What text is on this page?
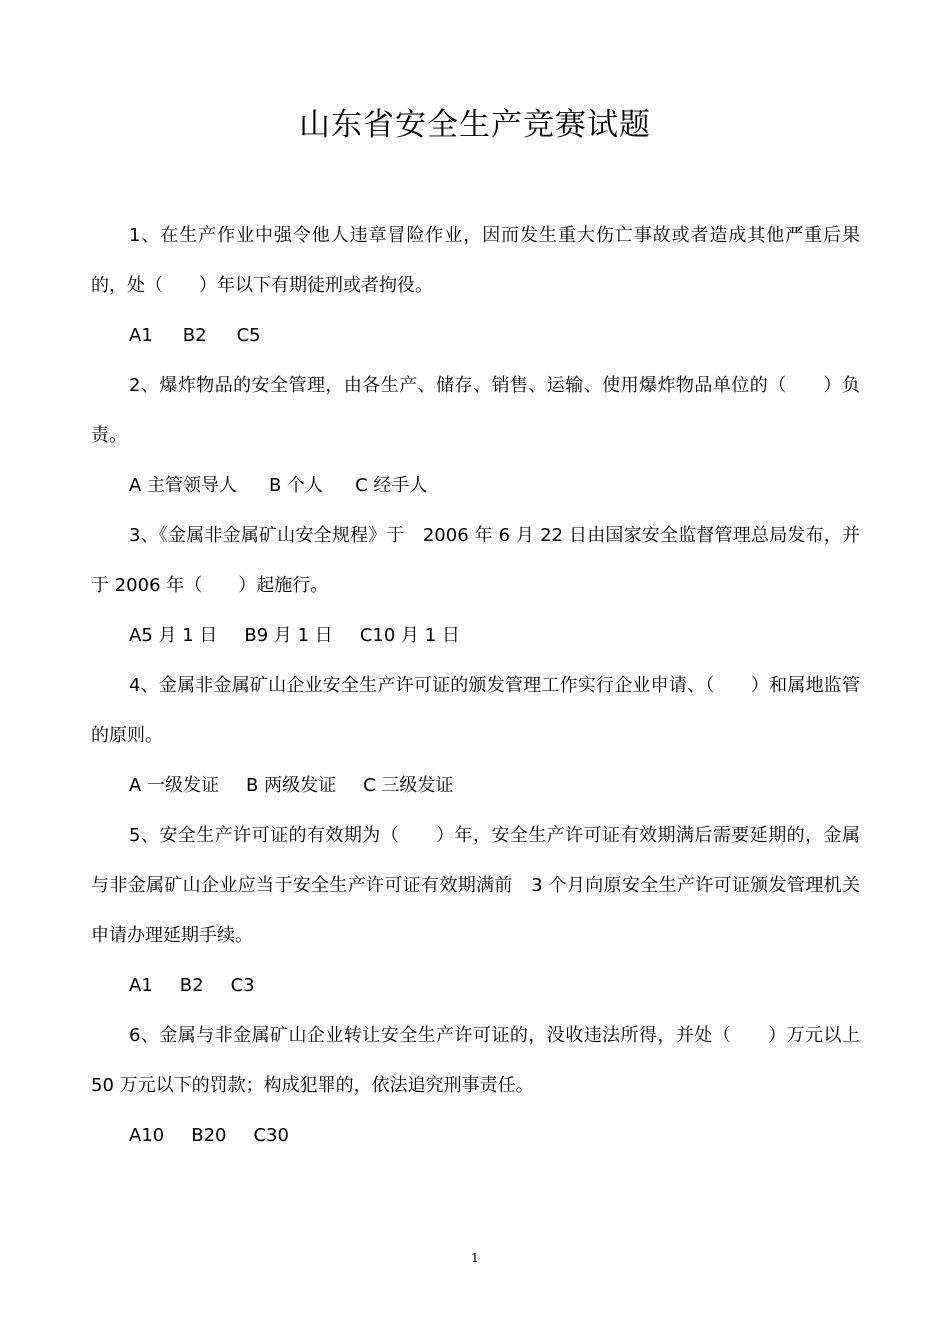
山东省安全生产竞赛试题

1、在生产作业中强令他人违章冒险作业，因而发生重大伤亡事故或者造成其他严重后果的，处（　　）年以下有期徒刑或者拘役。

A1 B2 C5

2、爆炸物品的安全管理，由各生产、储存、销售、运输、使用爆炸物品单位的（　　）负责。

A 主管领导人 B 个人 C 经手人

3、《金属非金属矿山安全规程》于　2006 年 6 月 22 日由国家安全监督管理总局发布，并于 2006 年（　　）起施行。

A5 月 1 日 B9 月 1 日 C10 月 1 日

4、金属非金属矿山企业安全生产许可证的颁发管理工作实行企业申请、（　　）和属地监管的原则。

A 一级发证 B 两级发证 C 三级发证

5、安全生产许可证的有效期为（　　）年，安全生产许可证有效期满后需要延期的，金属与非金属矿山企业应当于安全生产许可证有效期满前　3 个月向原安全生产许可证颁发管理机关申请办理延期手续。

A1 B2 C3

6、金属与非金属矿山企业转让安全生产许可证的，没收违法所得，并处（　　）万元以上 50 万元以下的罚款；构成犯罪的，依法追究刑事责任。

A10 B20 C30

1
